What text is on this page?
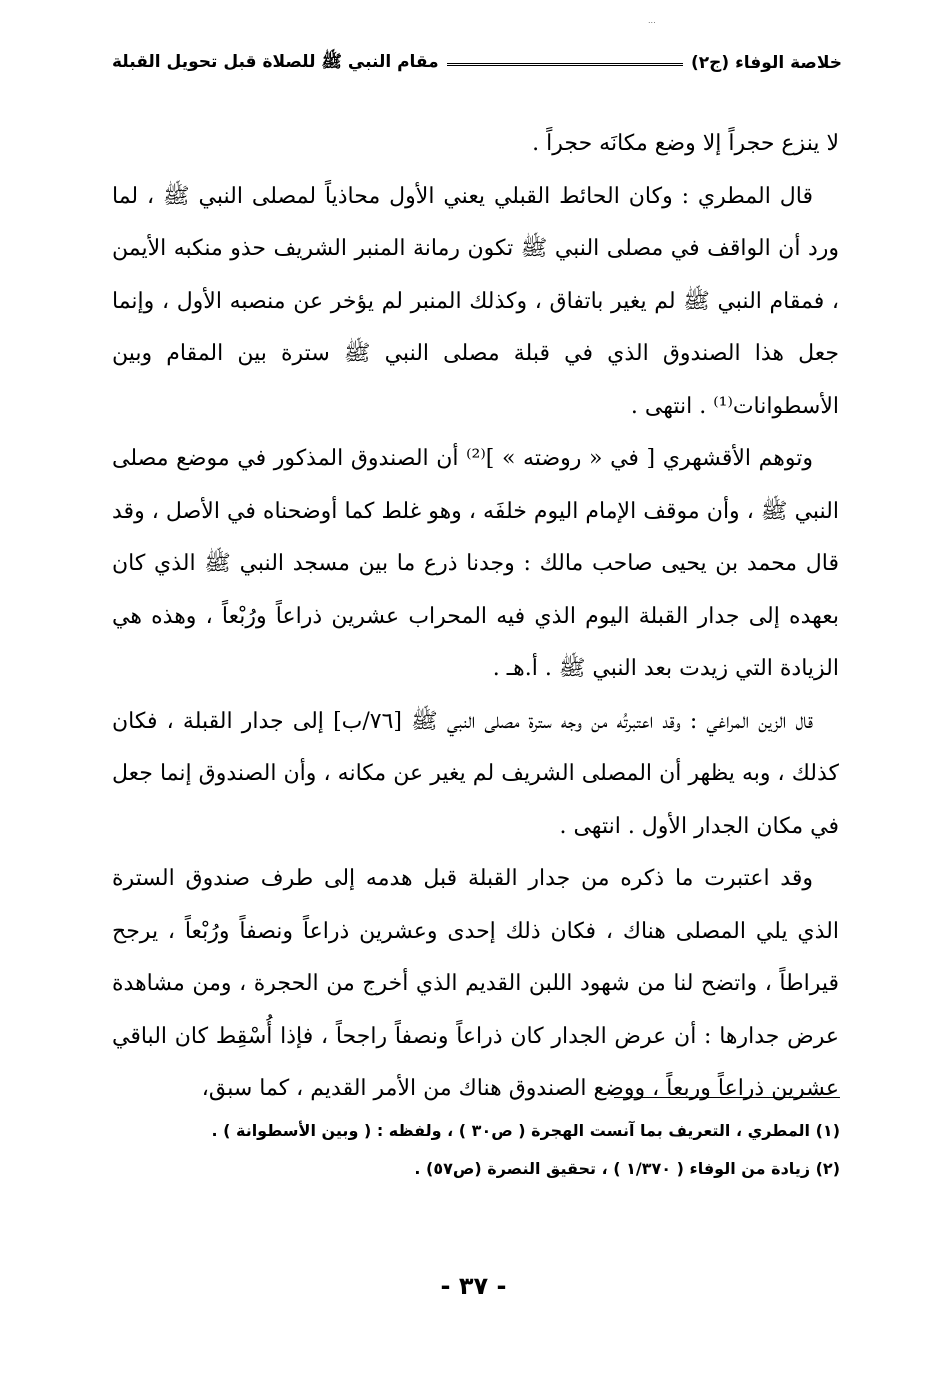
...
خلاصة الوفاء (ج٢)
مقام النبي ﷺ للصلاة قبل تحويل القبلة

لا ينزع حجراً إلا وضع مكانَه حجراً .

قال المطري : وكان الحائط القبلي يعني الأول محاذياً لمصلى النبي ﷺ ، لما ورد أن الواقف في مصلى النبي ﷺ تكون رمانة المنبر الشريف حذو منكبه الأيمن ، فمقام النبي ﷺ لم يغير باتفاق ، وكذلك المنبر لم يؤخر عن منصبه الأول ، وإنما جعل هذا الصندوق الذي في قبلة مصلى النبي ﷺ سترة بين المقام وبين الأسطوانات⁽¹⁾ . انتهى .

وتوهم الأقشهري [ في « روضته » ]⁽²⁾ أن الصندوق المذكور في موضع مصلى النبي ﷺ ، وأن موقف الإمام اليوم خلفَه ، وهو غلط كما أوضحناه في الأصل ، وقد قال محمد بن يحيى صاحب مالك : وجدنا ذرع ما بين مسجد النبي ﷺ الذي كان بعهده إلى جدار القبلة اليوم الذي فيه المحراب عشرين ذراعاً ورُبْعاً ، وهذه هي الزيادة التي زيدت بعد النبي ﷺ . أ.هـ .

قال الزين المراغي : وقد اعتبرتُه من وجه سترة مصلى النبي ﷺ [٧٦/ب] إلى جدار القبلة ، فكان كذلك ، وبه يظهر أن المصلى الشريف لم يغير عن مكانه ، وأن الصندوق إنما جعل في مكان الجدار الأول . انتهى .

وقد اعتبرت ما ذكره من جدار القبلة قبل هدمه إلى طرف صندوق السترة الذي يلي المصلى هناك ، فكان ذلك إحدى وعشرين ذراعاً ونصفاً ورُبْعاً ، يرجح قيراطاً ، واتضح لنا من شهود اللبن القديم الذي أخرج من الحجرة ، ومن مشاهدة عرض جدارها : أن عرض الجدار كان ذراعاً ونصفاً راجحاً ، فإذا أُسْقِط كان الباقي عشرين ذراعاً وربعاً ، ووضع الصندوق هناك من الأمر القديم ، كما سبق،

(١) المطري ، التعريف بما آنست الهجرة ( ص٣٠ ) ، ولفظه : ( وبين الأسطوانة ) .

(٢) زيادة من الوفاء ( ١/٣٧٠ ) ، تحقيق النصرة (ص٥٧) .

- ٣٧ -
